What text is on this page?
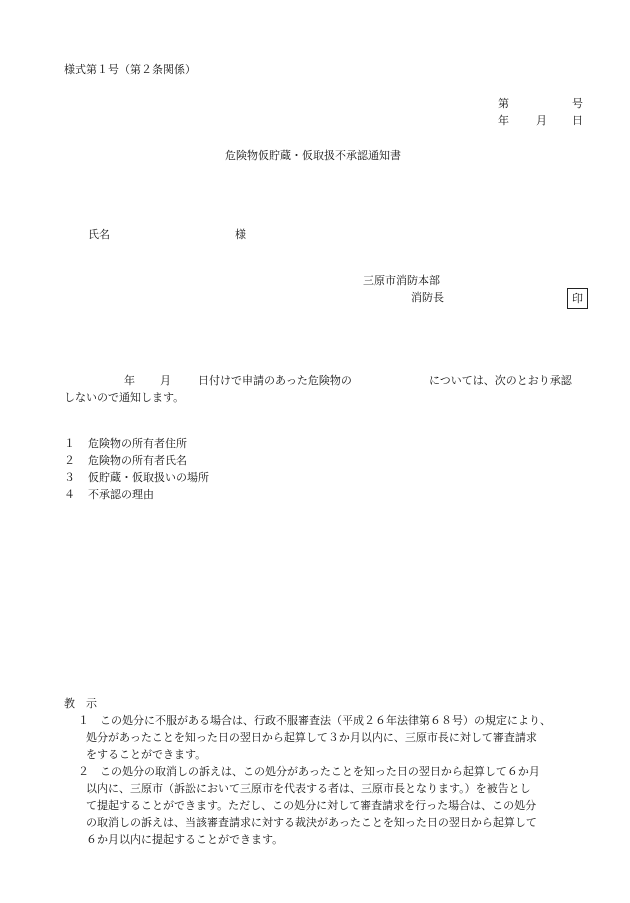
様式第１号（第２条関係）
第	号
年 月 日
危険物仮貯蔵・仮取扱不承認通知書
氏名	様
三原市消防本部
消防長	印
年 月 日付けで申請のあった危険物の	については、次のとおり承認
しないので通知します。
１ 危険物の所有者住所
２ 危険物の所有者氏名
３ 仮貯蔵・仮取扱いの場所
４ 不承認の理由
教　示
１	この処分に不服がある場合は、行政不服審査法（平成２６年法律第６８号）の規定により、
処分があったことを知った日の翌日から起算して３か月以内に、三原市長に対して審査請求
をすることができます。
２	この処分の取消しの訴えは、この処分があったことを知った日の翌日から起算して６か月
以内に、三原市（訴訟において三原市を代表する者は、三原市長となります。）を被告とし
て提起することができます。ただし、この処分に対して審査請求を行った場合は、この処分
の取消しの訴えは、当該審査請求に対する裁決があったことを知った日の翌日から起算して
６か月以内に提起することができます。
